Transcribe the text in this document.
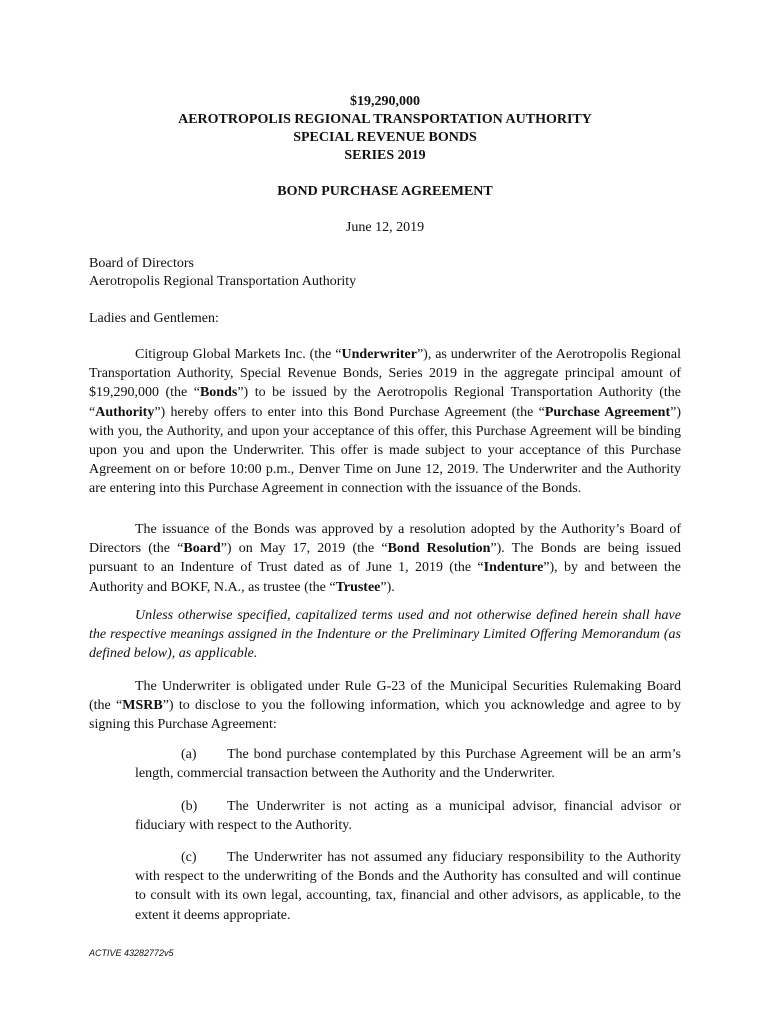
$19,290,000
AEROTROPOLIS REGIONAL TRANSPORTATION AUTHORITY
SPECIAL REVENUE BONDS
SERIES 2019
BOND PURCHASE AGREEMENT
June 12, 2019
Board of Directors
Aerotropolis Regional Transportation Authority
Ladies and Gentlemen:
Citigroup Global Markets Inc. (the “Underwriter”), as underwriter of the Aerotropolis Regional Transportation Authority, Special Revenue Bonds, Series 2019 in the aggregate principal amount of $19,290,000 (the “Bonds”) to be issued by the Aerotropolis Regional Transportation Authority (the “Authority”) hereby offers to enter into this Bond Purchase Agreement (the “Purchase Agreement”) with you, the Authority, and upon your acceptance of this offer, this Purchase Agreement will be binding upon you and upon the Underwriter. This offer is made subject to your acceptance of this Purchase Agreement on or before 10:00 p.m., Denver Time on June 12, 2019. The Underwriter and the Authority are entering into this Purchase Agreement in connection with the issuance of the Bonds.
The issuance of the Bonds was approved by a resolution adopted by the Authority’s Board of Directors (the “Board”) on May 17, 2019 (the “Bond Resolution”). The Bonds are being issued pursuant to an Indenture of Trust dated as of June 1, 2019 (the “Indenture”), by and between the Authority and BOKF, N.A., as trustee (the “Trustee”).
Unless otherwise specified, capitalized terms used and not otherwise defined herein shall have the respective meanings assigned in the Indenture or the Preliminary Limited Offering Memorandum (as defined below), as applicable.
The Underwriter is obligated under Rule G-23 of the Municipal Securities Rulemaking Board (the “MSRB”) to disclose to you the following information, which you acknowledge and agree to by signing this Purchase Agreement:
(a) The bond purchase contemplated by this Purchase Agreement will be an arm’s length, commercial transaction between the Authority and the Underwriter.
(b) The Underwriter is not acting as a municipal advisor, financial advisor or fiduciary with respect to the Authority.
(c) The Underwriter has not assumed any fiduciary responsibility to the Authority with respect to the underwriting of the Bonds and the Authority has consulted and will continue to consult with its own legal, accounting, tax, financial and other advisors, as applicable, to the extent it deems appropriate.
ACTIVE 43282772v5
